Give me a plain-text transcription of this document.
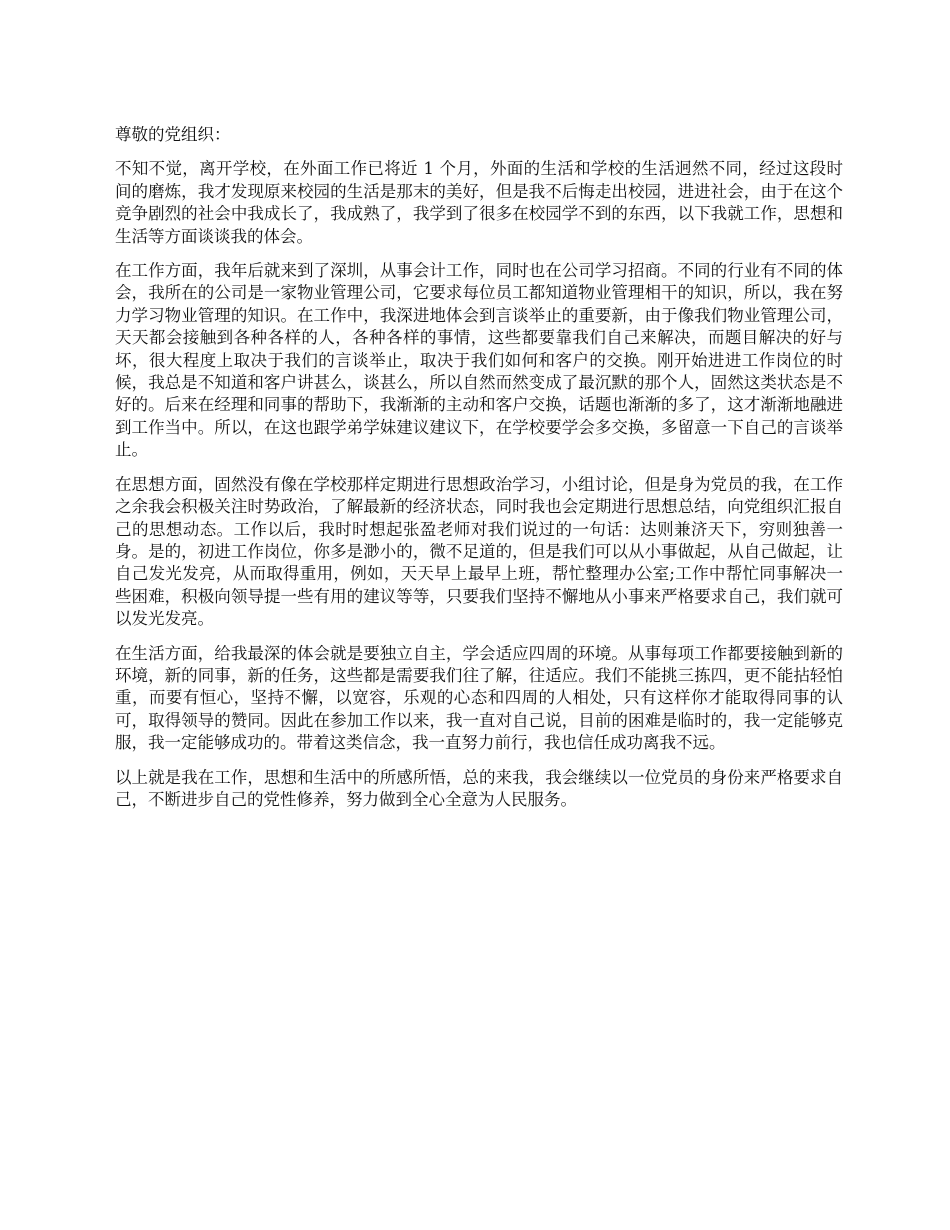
尊敬的党组织：

不知不觉，离开学校，在外面工作已将近 1 个月，外面的生活和学校的生活迥然不同，经过这段时间的磨炼，我才发现原来校园的生活是那末的美好，但是我不后悔走出校园，进进社会，由于在这个竞争剧烈的社会中我成长了，我成熟了，我学到了很多在校园学不到的东西，以下我就工作，思想和生活等方面谈谈我的体会。

在工作方面，我年后就来到了深圳，从事会计工作，同时也在公司学习招商。不同的行业有不同的体会，我所在的公司是一家物业管理公司，它要求每位员工都知道物业管理相干的知识，所以，我在努力学习物业管理的知识。在工作中，我深进地体会到言谈举止的重要新，由于像我们物业管理公司，天天都会接触到各种各样的人，各种各样的事情，这些都要靠我们自己来解决，而题目解决的好与坏，很大程度上取决于我们的言谈举止，取决于我们如何和客户的交换。刚开始进进工作岗位的时候，我总是不知道和客户讲甚么，谈甚么，所以自然而然变成了最沉默的那个人，固然这类状态是不好的。后来在经理和同事的帮助下，我渐渐的主动和客户交换，话题也渐渐的多了，这才渐渐地融进到工作当中。所以，在这也跟学弟学妹建议建议下，在学校要学会多交换，多留意一下自己的言谈举止。

在思想方面，固然没有像在学校那样定期进行思想政治学习，小组讨论，但是身为党员的我，在工作之余我会积极关注时势政治，了解最新的经济状态，同时我也会定期进行思想总结，向党组织汇报自己的思想动态。工作以后，我时时想起张盈老师对我们说过的一句话：达则兼济天下，穷则独善一身。是的，初进工作岗位，你多是渺小的，微不足道的，但是我们可以从小事做起，从自己做起，让自己发光发亮，从而取得重用，例如，天天早上最早上班，帮忙整理办公室;工作中帮忙同事解决一些困难，积极向领导提一些有用的建议等等，只要我们坚持不懈地从小事来严格要求自己，我们就可以发光发亮。

在生活方面，给我最深的体会就是要独立自主，学会适应四周的环境。从事每项工作都要接触到新的环境，新的同事，新的任务，这些都是需要我们往了解，往适应。我们不能挑三拣四，更不能拈轻怕重，而要有恒心，坚持不懈，以宽容，乐观的心态和四周的人相处，只有这样你才能取得同事的认可，取得领导的赞同。因此在参加工作以来，我一直对自己说，目前的困难是临时的，我一定能够克服，我一定能够成功的。带着这类信念，我一直努力前行，我也信任成功离我不远。

以上就是我在工作，思想和生活中的所感所悟，总的来我，我会继续以一位党员的身份来严格要求自己，不断进步自己的党性修养，努力做到全心全意为人民服务。
